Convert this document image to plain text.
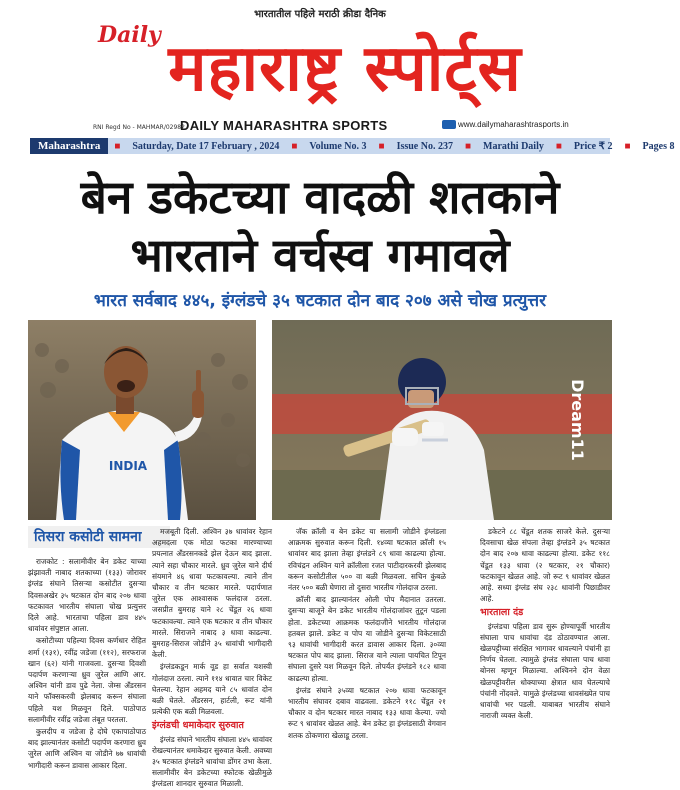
भारतातील पहिले मराठी क्रीडा दैनिक
महाराष्ट्र स्पोर्ट्स
Daily
RNI Regd No - MAHMAR/02982
DAILY MAHARASHTRA SPORTS	www.dailymaharashtrasports.in
Maharashtra	■	Saturday, Date 17 February , 2024	■	Volume No. 3	■	Issue No. 237	■	Marathi Daily	■	Price ₹ 2	■	Pages 8
बेन डकेटच्या वादळी शतकाने
भारताने वर्चस्व गमावले
भारत सर्वबाद ४४५, इंग्लंडचे ३५ षटकात दोन बाद २०७ असे चोख प्रत्युत्तर
INDIA
Dream11
तिसरा कसोटी सामना

राजकोट : सलामीवीर बेन डकेट याच्या झंझावती नाबाद शतकाच्या (१३३) जोरावर इंग्लंड संघाने तिसऱ्या कसोटीत दुसऱ्या दिवसअखेर ३५ षटकात दोन बाद २०७ धावा फटकावत भारतीय संघाला चोख प्रत्युत्तर दिले आहे. भारताचा पहिला डाव ४४५ धावांवर संपुष्टात आला.

कसोटीच्या पहिल्या दिवस कर्णधार रोहित शर्मा (१३१), रवींद्र जडेजा (११२), सरफराज खान (६२) यांनी गाजवला. दुसऱ्या दिवशी पदार्पण करणाऱ्या ध्रुव जुरेल आणि आर. अश्विन यांनी डाव पुढे नेला. जेम्स अँडरसन याने फॉक्सकरवी झेलबाद करून संघाला पहिले यश मिळवून दिले. पाठोपाठ सलामीवीर रवींद्र जडेजा तंबूत परतला.

कुलदीप व जडेजा हे दोघे एकापाठोपाठ बाद झाल्यानंतर कसोटी पदार्पण करणारा ध्रुव जुरेल आणि अश्विन या जोडीने ७७ धावांची भागीदारी करून डावास आकार दिला.

मजबूती दिली. अश्विन ३७ धावांवर रेहान अहमदला एक मोठा फटका मारण्याच्या प्रयत्नात अँडरसनकडे झेल देऊन बाद झाला. त्याने सहा चौकार मारले. ध्रुव जुरेल याने दीर्घ संयमाने ४६ धावा फटकावल्या. त्याने तीन चौकार व तीन षटकार मारले. पदार्पणात जुरेल एक आश्वासक फलंदाज ठरला. जसप्रीत बुमराह याने २८ चेंडूत २६ धावा फटकावल्या. त्याने एक षटकार व तीन चौकार मारले. सिराजने नाबाद ३ धावा काढल्या. बुमराह-सिराज जोडीने ३५ धावांची भागीदारी केली.

इंग्लंडकडून मार्क वूड हा सर्वात यशस्वी गोलंदाज ठरला. त्याने ११४ धावात चार विकेट घेतल्या. रेहान अहमद याने ८५ धावांत दोन बळी घेतले. अँडरसन, हार्टली, रूट यांनी प्रत्येकी एक बळी मिळवला.

इंग्लंडची धमाकेदार सुरुवात

इंग्लंड संघाने भारतीय संघाला ४४५ धावांवर रोखल्यानंतर धमाकेदार सुरुवात केली. अवघ्या ३५ षटकात इंग्लंडने धावांचा डोंगर उभा केला. सलामीवीर बेन डकेटच्या स्फोटक खेळीमुळे इंग्लंडला शानदार सुरुवात मिळाली.

जॅक क्रॉली व बेन डकेट या सलामी जोडीने इंग्लंडला आक्रमक सुरुवात करून दिली. १४व्या षटकात क्रॉली १५ धावांवर बाद झाला तेव्हा इंग्लंडने ८९ धावा काढल्या होत्या. रविचंद्रन अश्विन याने क्रॉलीला रजत पाटीदारकरवी झेलबाद करून कसोटीतील ५०० वा बळी मिळवला. सचिन कुंबळे नंतर ५०० बळी घेणारा तो दुसरा भारतीय गोलंदाज ठरला.

क्रॉली बाद झाल्यानंतर ओली पोप मैदानात उतरला. दुसऱ्या बाजूने बेन डकेट भारतीय गोलंदाजांवर तुटून पडला होता. डकेटच्या आक्रमक फलंदाजीने भारतीय गोलंदाज हतबल झाले. डकेट व पोप या जोडीने दुसऱ्या विकेटसाठी ९३ धावांची भागीदारी करत डावास आकार दिला. ३०व्या षटकात पोप बाद झाला. सिराज याने त्याला पायचित टिपून संघाला दुसरे यश मिळवून दिले. तोपर्यंत इंग्लंडने १८२ धावा काढल्या होत्या.

इंग्लंड संघाने ३५व्या षटकात २०७ धावा फटकावून भारतीय संघावर दबाव वाढवला. डकेटने ११८ चेंडूत २१ चौकार व दोन षटकार मारत नाबाद १३३ धावा केल्या. ज्यो रूट ९ धावांवर खेळत आहे. बेन डकेट हा इंग्लंडसाठी वेगवान शतक ठोकणारा खेळाडू ठरला.

डकेटने ८८ चेंडूत शतक साजरे केले. दुसऱ्या दिवसाचा खेळ संपला तेव्हा इंग्लंडने ३५ षटकात दोन बाद २०७ धावा काढल्या होत्या. डकेट ११८ चेंडूत १३३ धावा (२ षटकार, २१ चौकार) फटकावून खेळत आहे. जो रूट ९ धावांवर खेळत आहे. सध्या इंग्लंड संघ २३८ धावांनी पिछाडीवर आहे.

भारताला दंड

इंग्लंडचा पहिला डाव सुरू होण्यापूर्वी भारतीय संघाला पाच धावांचा दंड ठोठावण्यात आला. खेळपट्टीच्या संरक्षित भागावर धावल्याने पंचांनी हा निर्णय घेतला. त्यामुळे इंग्लंड संघाला पाच धावा बोनस म्हणून मिळाल्या. अश्विनने दोन वेळा खेळपट्टीवरील धोक्याच्या क्षेत्रात धाव घेतल्याचे पंचांनी नोंदवले. यामुळे इंग्लंडच्या धावसंख्येत पाच धावांची भर पडली. याबाबत भारतीय संघाने नाराजी व्यक्त केली.
